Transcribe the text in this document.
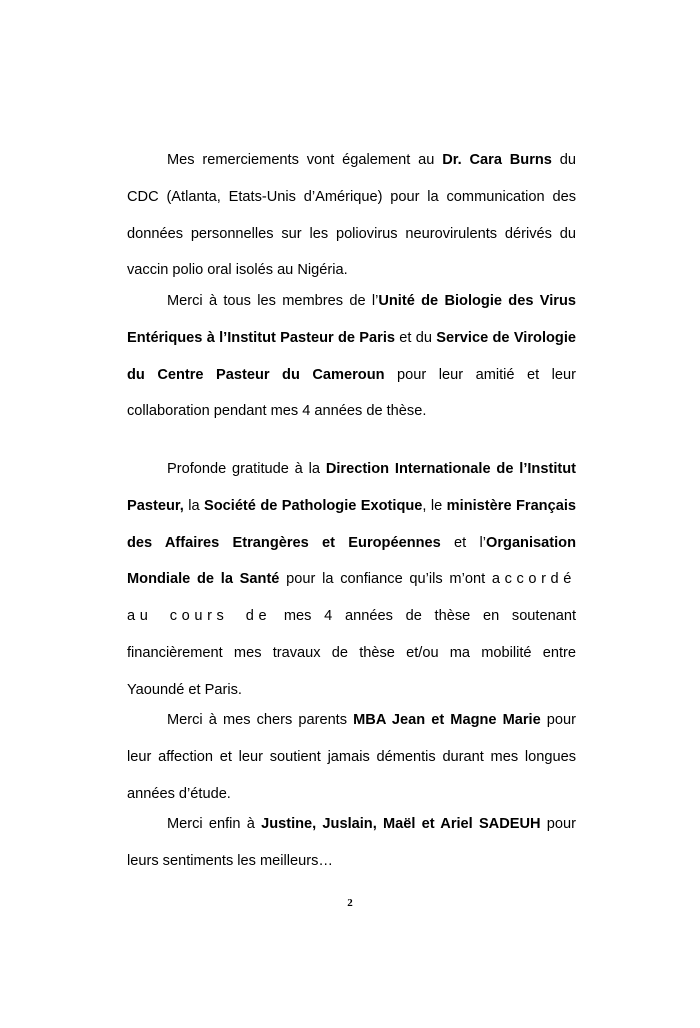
Mes remerciements vont également au Dr. Cara Burns du CDC (Atlanta, Etats-Unis d’Amérique) pour la communication des données personnelles sur les poliovirus neurovirulents dérivés du vaccin polio oral isolés au Nigéria.

Merci à tous les membres de l’Unité de Biologie des Virus Entériques à l’Institut Pasteur de Paris et du Service de Virologie du Centre Pasteur du Cameroun pour leur amitié et leur collaboration pendant mes 4 années de thèse.

Profonde gratitude à la Direction Internationale de l’Institut Pasteur, la Société de Pathologie Exotique, le ministère Français des Affaires Etrangères et Européennes et l’Organisation Mondiale de la Santé pour la confiance qu’ils m’ont accordé au cours de mes 4 années de thèse en soutenant financièrement mes travaux de thèse et/ou ma mobilité entre Yaoundé et Paris.

Merci à mes chers parents MBA Jean et Magne Marie pour leur affection et leur soutient jamais démentis durant mes longues années d’étude.

Merci enfin à Justine, Juslain, Maël et Ariel SADEUH pour leurs sentiments les meilleurs…

2
